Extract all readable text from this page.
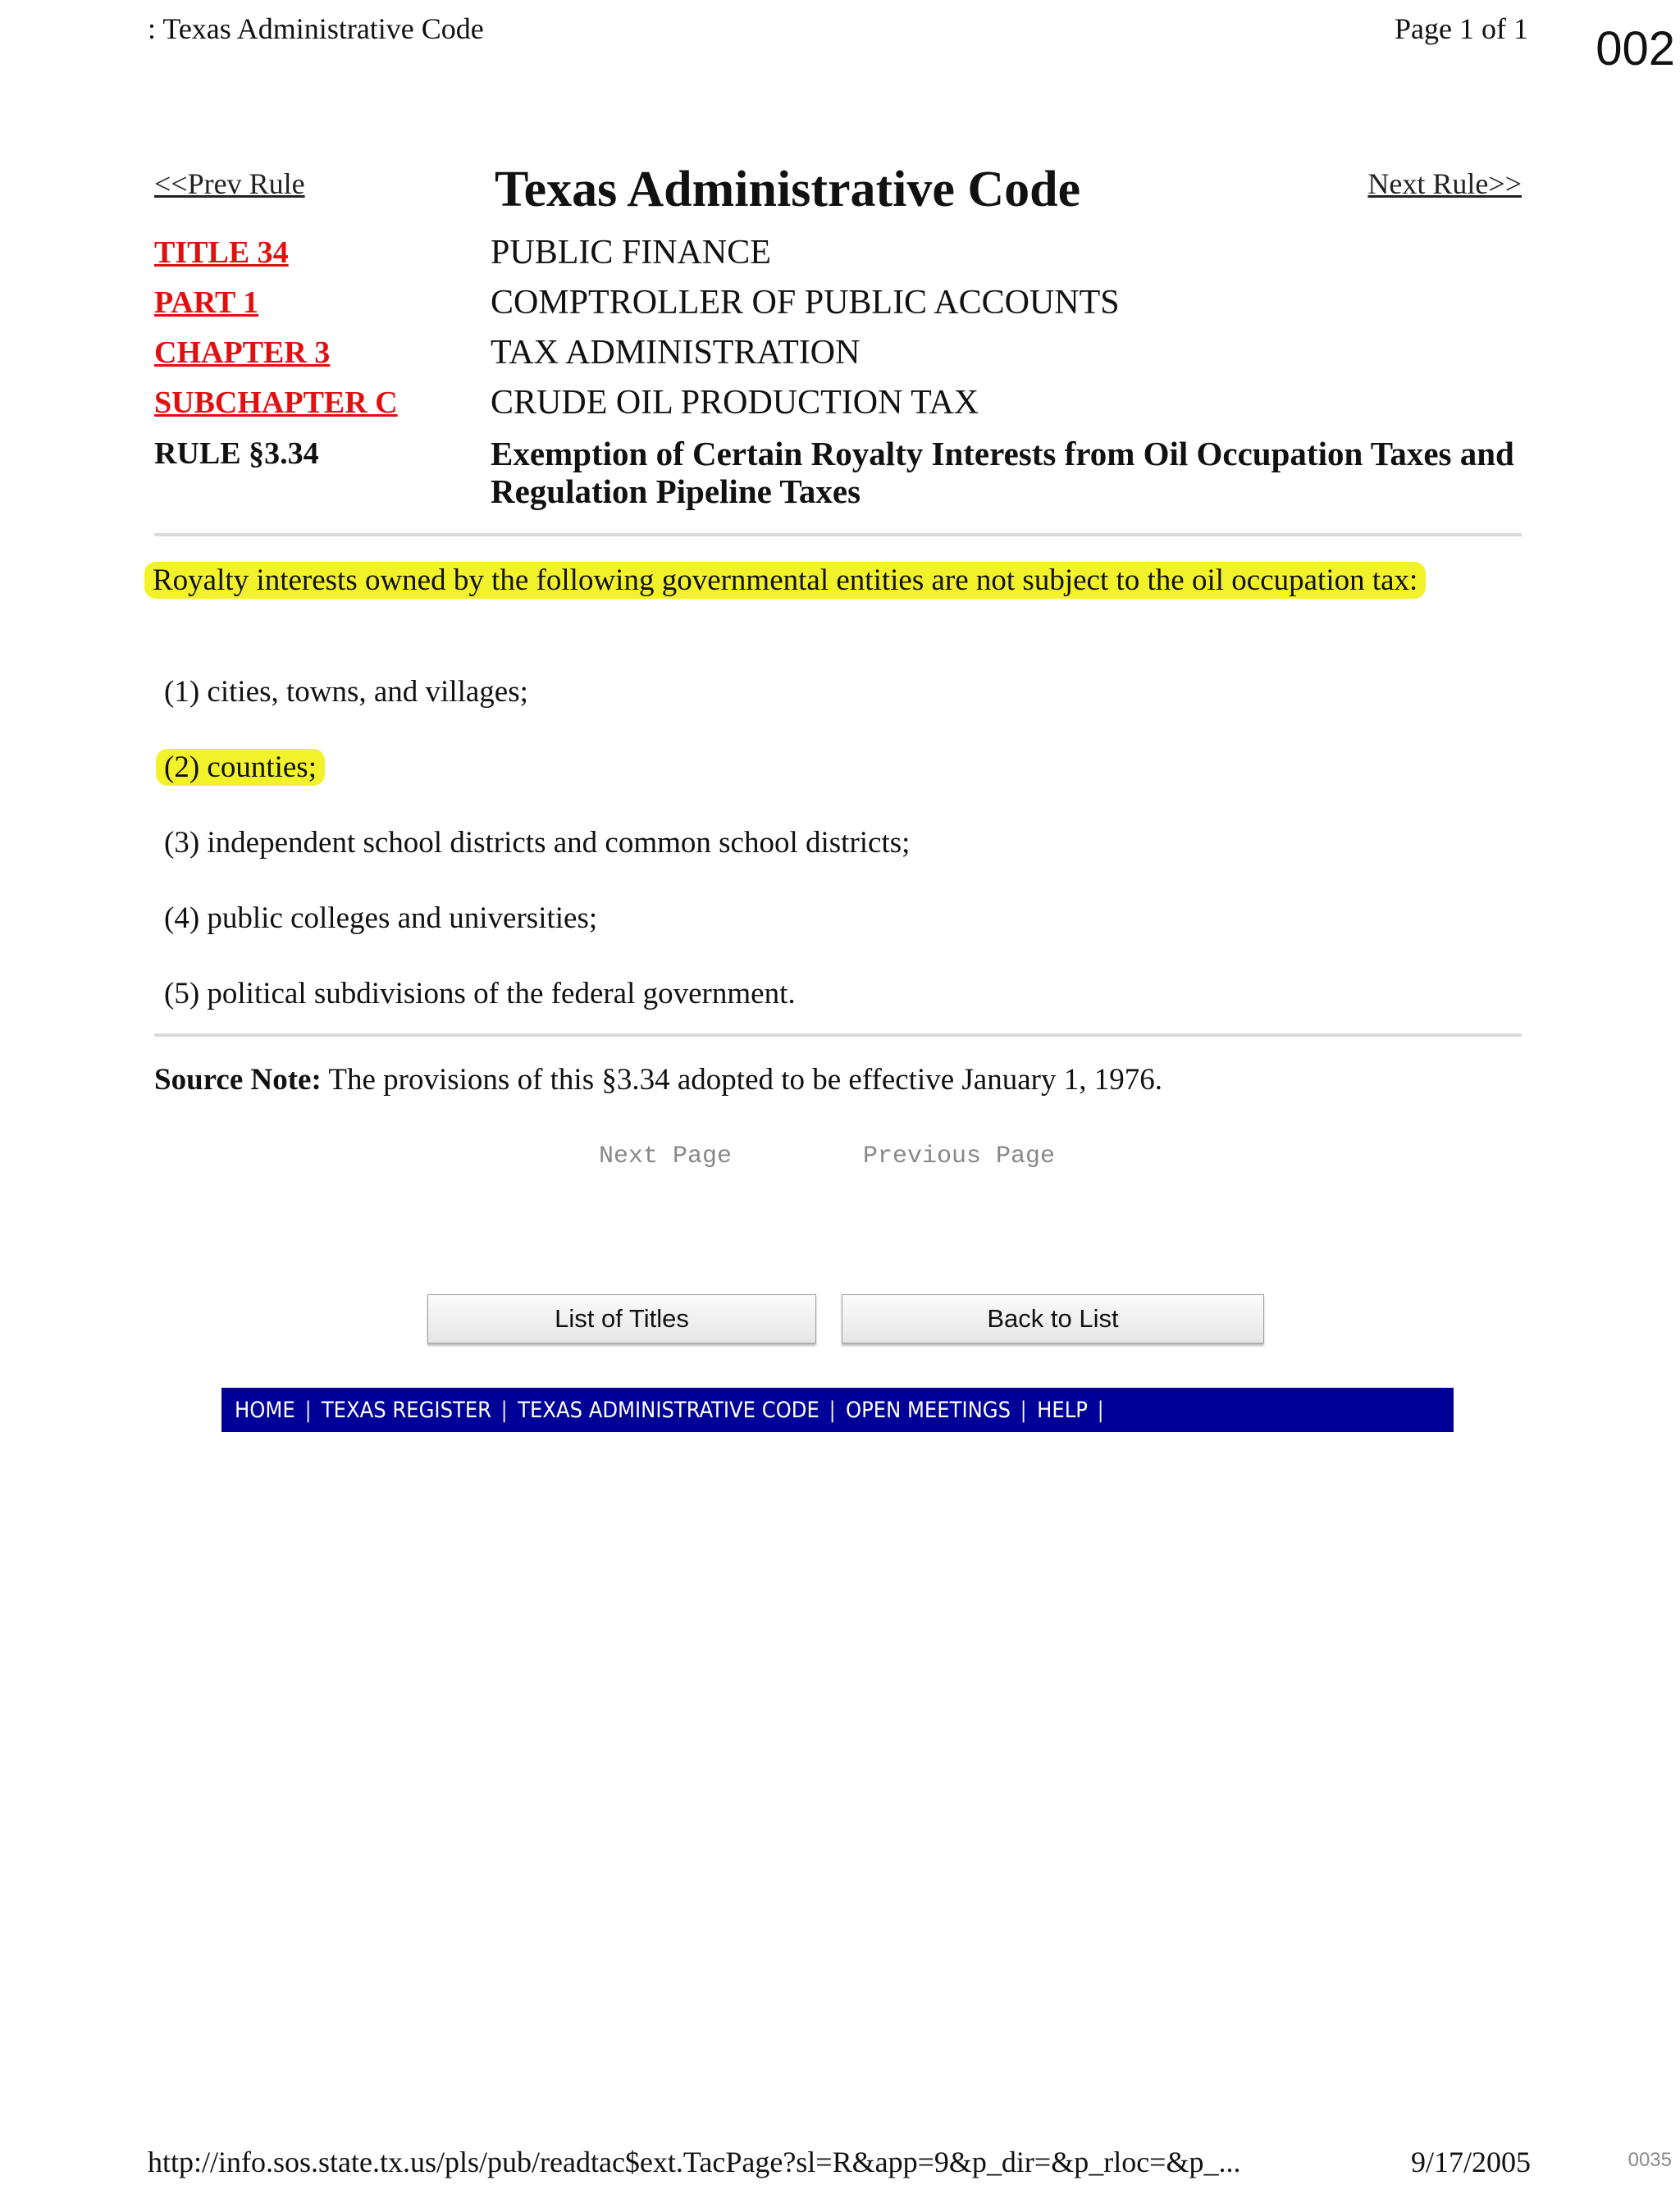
: Texas Administrative Code	Page 1 of 1 002
<<Prev Rule	Texas Administrative Code	Next Rule>>
TITLE 34	PUBLIC FINANCE
PART 1	COMPTROLLER OF PUBLIC ACCOUNTS
CHAPTER 3	TAX ADMINISTRATION
SUBCHAPTER C	CRUDE OIL PRODUCTION TAX
RULE §3.34	Exemption of Certain Royalty Interests from Oil Occupation Taxes and Regulation Pipeline Taxes
Royalty interests owned by the following governmental entities are not subject to the oil occupation tax:
(1) cities, towns, and villages;
(2) counties;
(3) independent school districts and common school districts;
(4) public colleges and universities;
(5) political subdivisions of the federal government.
Source Note: The provisions of this §3.34 adopted to be effective January 1, 1976.
Next Page	Previous Page
List of Titles	Back to List
HOME | TEXAS REGISTER | TEXAS ADMINISTRATIVE CODE | OPEN MEETINGS | HELP |
http://info.sos.state.tx.us/pls/pub/readtac$ext.TacPage?sl=R&app=9&p_dir=&p_rloc=&p_...	9/17/2005	0035
